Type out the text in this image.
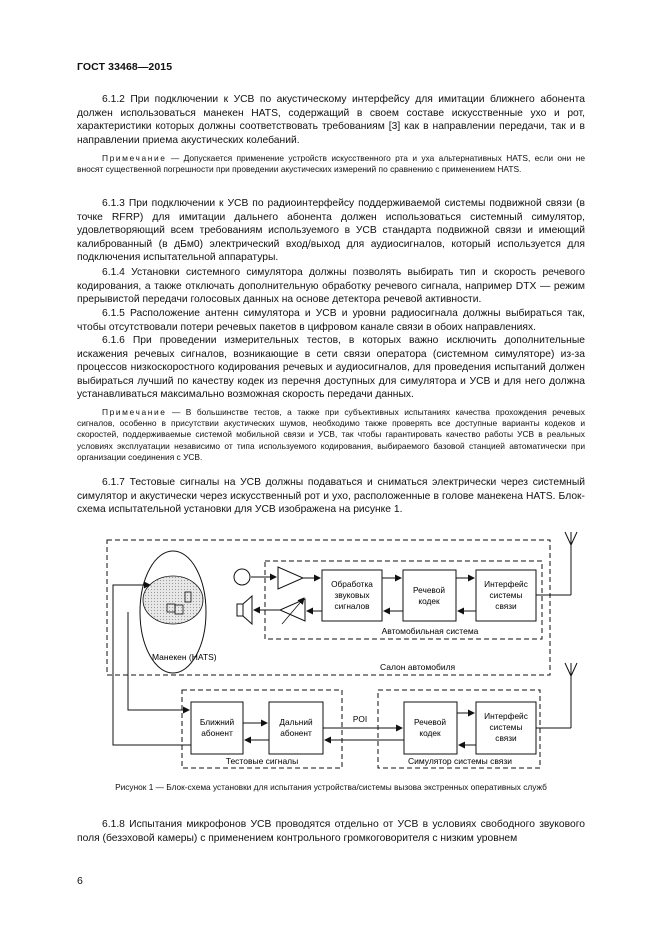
ГОСТ 33468—2015

6.1.2 При подключении к УСВ по акустическому интерфейсу для имитации ближнего абонента должен использоваться манекен HATS, содержащий в своем составе искусственные ухо и рот, характеристики которых должны соответствовать требованиям [3] как в направлении передачи, так и в направлении приема акустических колебаний.

Примечание — Допускается применение устройств искусственного рта и уха альтернативных HATS, если они не вносят существенной погрешности при проведении акустических измерений по сравнению с применением HATS.

6.1.3 При подключении к УСВ по радиоинтерфейсу поддерживаемой системы подвижной связи (в точке RFRP) для имитации дальнего абонента должен использоваться системный симулятор, удовлетворяющий всем требованиям используемого в УСВ стандарта подвижной связи и имеющий калиброванный (в дБм0) электрический вход/выход для аудиосигналов, который используется для подключения испытательной аппаратуры.

6.1.4 Установки системного симулятора должны позволять выбирать тип и скорость речевого кодирования, а также отключать дополнительную обработку речевого сигнала, например DTX — режим прерывистой передачи голосовых данных на основе детектора речевой активности.

6.1.5 Расположение антенн симулятора и УСВ и уровни радиосигнала должны выбираться так, чтобы отсутствовали потери речевых пакетов в цифровом канале связи в обоих направлениях.

6.1.6 При проведении измерительных тестов, в которых важно исключить дополнительные искажения речевых сигналов, возникающие в сети связи оператора (системном симуляторе) из-за процессов низкоскоростного кодирования речевых и аудиосигналов, для проведения испытаний должен выбираться лучший по качеству кодек из перечня доступных для симулятора и УСВ и для него должна устанавливаться максимально возможная скорость передачи данных.

Примечание — В большинстве тестов, а также при субъективных испытаниях качества прохождения речевых сигналов, особенно в присутствии акустических шумов, необходимо также проверять все доступные варианты кодеков и скоростей, поддерживаемые системой мобильной связи и УСВ, так чтобы гарантировать качество работы УСВ в реальных условиях эксплуатации независимо от типа используемого кодирования, выбираемого базовой станцией автоматически при организации соединения с УСВ.

6.1.7 Тестовые сигналы на УСВ должны подаваться и сниматься электрически через системный симулятор и акустически через искусственный рот и ухо, расположенные в голове манекена HATS. Блок-схема испытательной установки для УСВ изображена на рисунке 1.

Манекен (HATS)
Обработка
звуковых
сигналов
Речевой
кодек
Интерфейс
системы
связи
Автомобильная система
Салон автомобиля
Ближний
абонент
Дальний
абонент
Тестовые сигналы
Речевой
кодек
Интерфейс
системы
связи
Симулятор системы связи
POI
Рисунок 1 — Блок-схема установки для испытания устройства/системы вызова экстренных оперативных служб

6.1.8 Испытания микрофонов УСВ проводятся отдельно от УСВ в условиях свободного звукового поля (безэховой камеры) с применением контрольного громкоговорителя с низким уровнем

6
